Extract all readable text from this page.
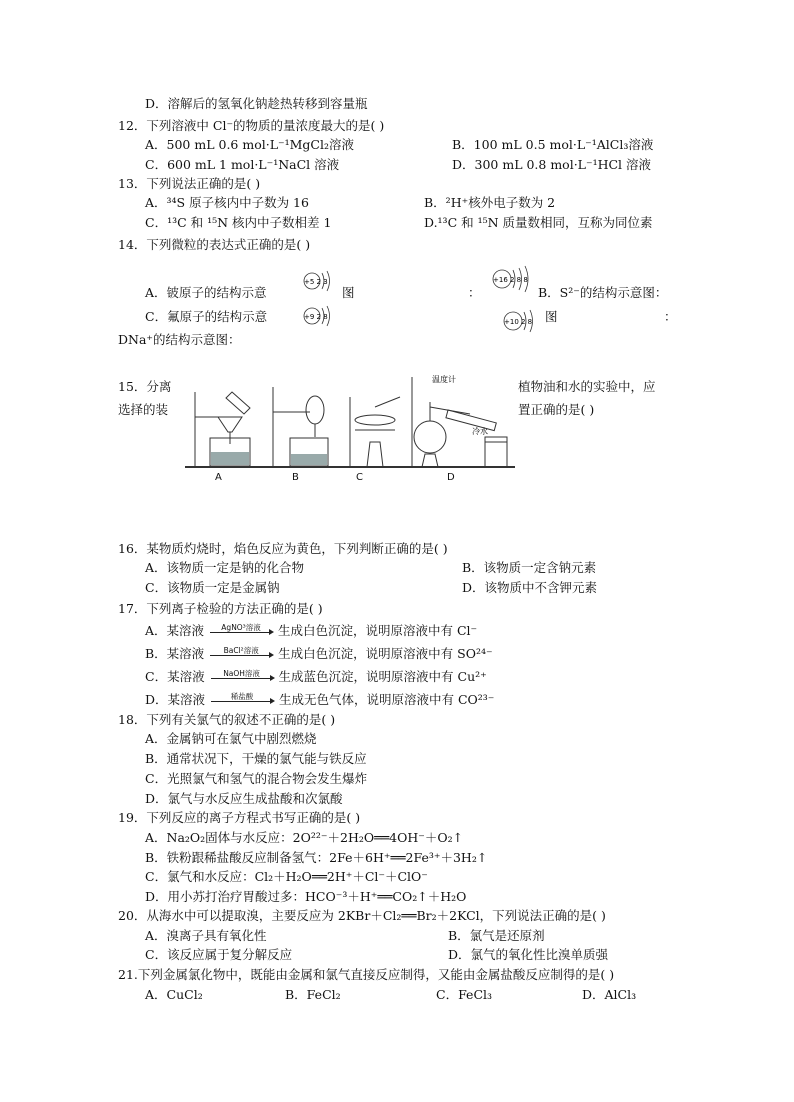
D．溶解后的氢氧化钠趁热转移到容量瓶
12．下列溶液中 Cl⁻的物质的量浓度最大的是( )
A．500 mL 0.6 mol·L⁻¹MgCl₂溶液	B．100 mL 0.5 mol·L⁻¹AlCl₃溶液
C．600 mL 1 mol·L⁻¹NaCl 溶液	D．300 mL 0.8 mol·L⁻¹HCl 溶液
13．下列说法正确的是( )
A．³⁴S 原子核内中子数为 16	B．²H⁺核外电子数为 2
C．¹³C 和 ¹⁵N 核内中子数相差 1	D.¹³C 和 ¹⁵N 质量数相同，互称为同位素
14．下列微粒的表达式正确的是( )
A．铍原子的结构示意
+5 2 3
图	：
+16 2 8 8
B．S²⁻的结构示意图：
C．氟原子的结构示意	+9 2 8
+10 2 8 图	：
DNa⁺的结构示意图：
15．分离
选择的装
植物油和水的实验中，应
置正确的是( )
温度计
冷水
A	B	C	D
16．某物质灼烧时，焰色反应为黄色，下列判断正确的是( )
A．该物质一定是钠的化合物	B．该物质一定含钠元素
C．该物质一定是金属钠	D．该物质中不含钾元素
17．下列离子检验的方法正确的是( )
A．某溶液	AgNO³溶液	生成白色沉淀，说明原溶液中有 Cl⁻
B．某溶液	BaCl²溶液	生成白色沉淀，说明原溶液中有 SO²⁴⁻
C．某溶液	NaOH溶液	生成蓝色沉淀，说明原溶液中有 Cu²⁺
D．某溶液	稀盐酸	生成无色气体，说明原溶液中有 CO²³⁻
18．下列有关氯气的叙述不正确的是( )
A．金属钠可在氯气中剧烈燃烧
B．通常状况下，干燥的氯气能与铁反应
C．光照氯气和氢气的混合物会发生爆炸
D．氯气与水反应生成盐酸和次氯酸
19．下列反应的离子方程式书写正确的是( )
A．Na₂O₂固体与水反应：2O²²⁻＋2H₂O══4OH⁻＋O₂↑
B．铁粉跟稀盐酸反应制备氢气：2Fe＋6H⁺══2Fe³⁺＋3H₂↑
C．氯气和水反应：Cl₂＋H₂O══2H⁺＋Cl⁻＋ClO⁻
D．用小苏打治疗胃酸过多：HCO⁻³＋H⁺══CO₂↑＋H₂O
20．从海水中可以提取溴，主要反应为 2KBr＋Cl₂══Br₂＋2KCl，下列说法正确的是( )
A．溴离子具有氧化性	B．氯气是还原剂
C．该反应属于复分解反应	D．氯气的氧化性比溴单质强
21.下列金属氯化物中，既能由金属和氯气直接反应制得，又能由金属盐酸反应制得的是( )
A．CuCl₂	B．FeCl₂	C．FeCl₃	D．AlCl₃
